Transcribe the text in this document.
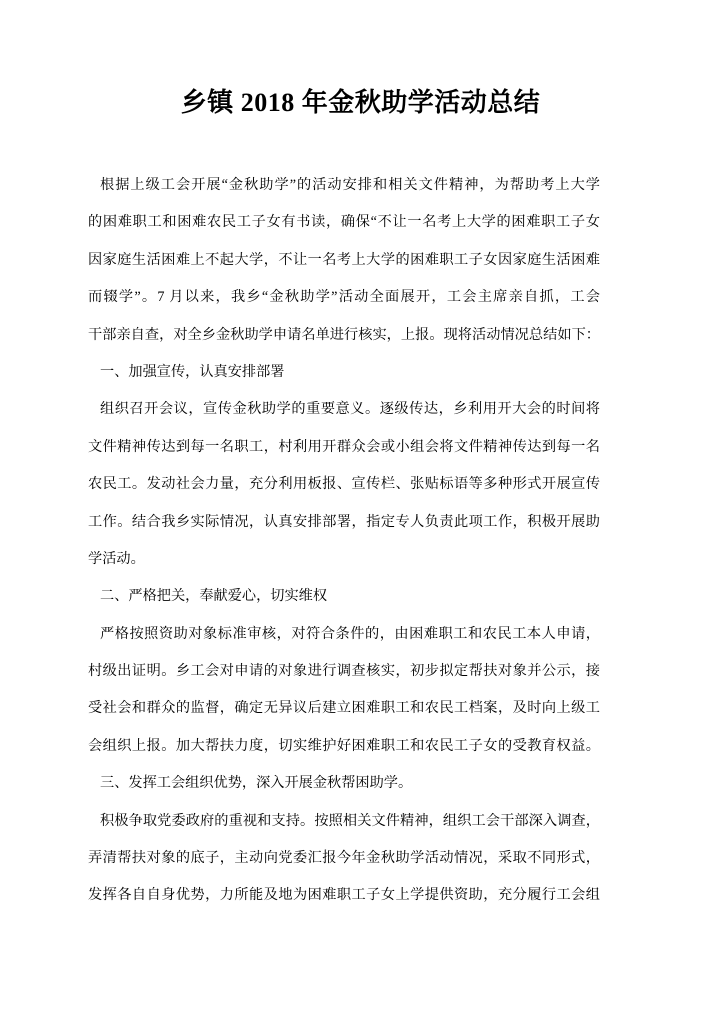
乡镇 2018 年金秋助学活动总结
根据上级工会开展“金秋助学”的活动安排和相关文件精神，为帮助考上大学
的困难职工和困难农民工子女有书读，确保“不让一名考上大学的困难职工子女
因家庭生活困难上不起大学，不让一名考上大学的困难职工子女因家庭生活困难
而辍学”。7 月以来，我乡“金秋助学”活动全面展开，工会主席亲自抓，工会
干部亲自查，对全乡金秋助学申请名单进行核实，上报。现将活动情况总结如下：
一、加强宣传，认真安排部署
组织召开会议，宣传金秋助学的重要意义。逐级传达，乡利用开大会的时间将
文件精神传达到每一名职工，村利用开群众会或小组会将文件精神传达到每一名
农民工。发动社会力量，充分利用板报、宣传栏、张贴标语等多种形式开展宣传
工作。结合我乡实际情况，认真安排部署，指定专人负责此项工作，积极开展助
学活动。
二、严格把关，奉献爱心，切实维权
严格按照资助对象标准审核，对符合条件的，由困难职工和农民工本人申请，
村级出证明。乡工会对申请的对象进行调查核实，初步拟定帮扶对象并公示，接
受社会和群众的监督，确定无异议后建立困难职工和农民工档案，及时向上级工
会组织上报。加大帮扶力度，切实维护好困难职工和农民工子女的受教育权益。
三、发挥工会组织优势，深入开展金秋帮困助学。
积极争取党委政府的重视和支持。按照相关文件精神，组织工会干部深入调查，
弄清帮扶对象的底子，主动向党委汇报今年金秋助学活动情况，采取不同形式，
发挥各自自身优势，力所能及地为困难职工子女上学提供资助，充分履行工会组
